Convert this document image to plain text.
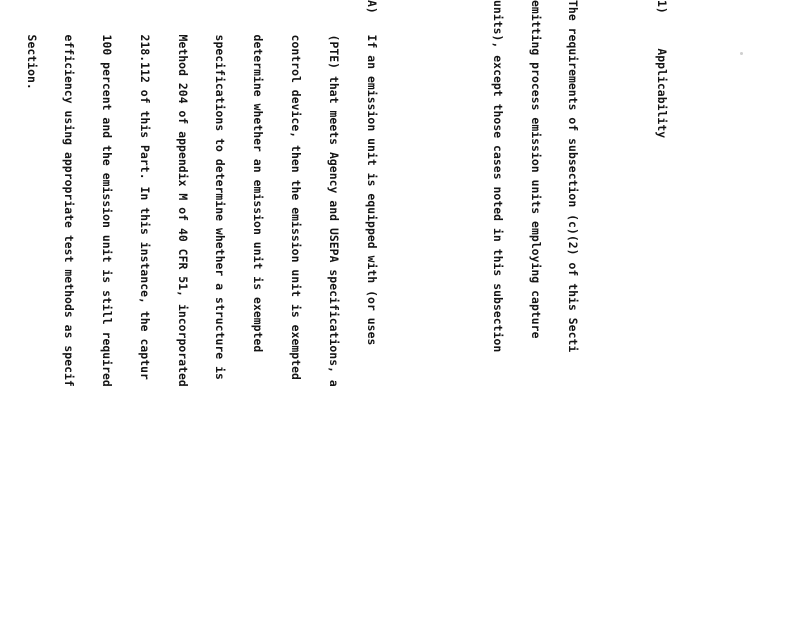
1)     Applicability

The requirements of subsection (c)(2) of this Secti

emitting process emission units employing capture

units), except those cases noted in this subsection

A)   If an emission unit is equipped with (or uses

(PTE) that meets Agency and USEPA specifications, a

control device, then the emission unit is exempted

determine whether an emission unit is exempted

specifications to determine whether a structure is

Method 204 of appendix M of 40 CFR 51, incorporated

218.112 of this Part. In this instance, the captur

100 percent and the emission unit is still required

efficiency using appropriate test methods as specif

Section.
